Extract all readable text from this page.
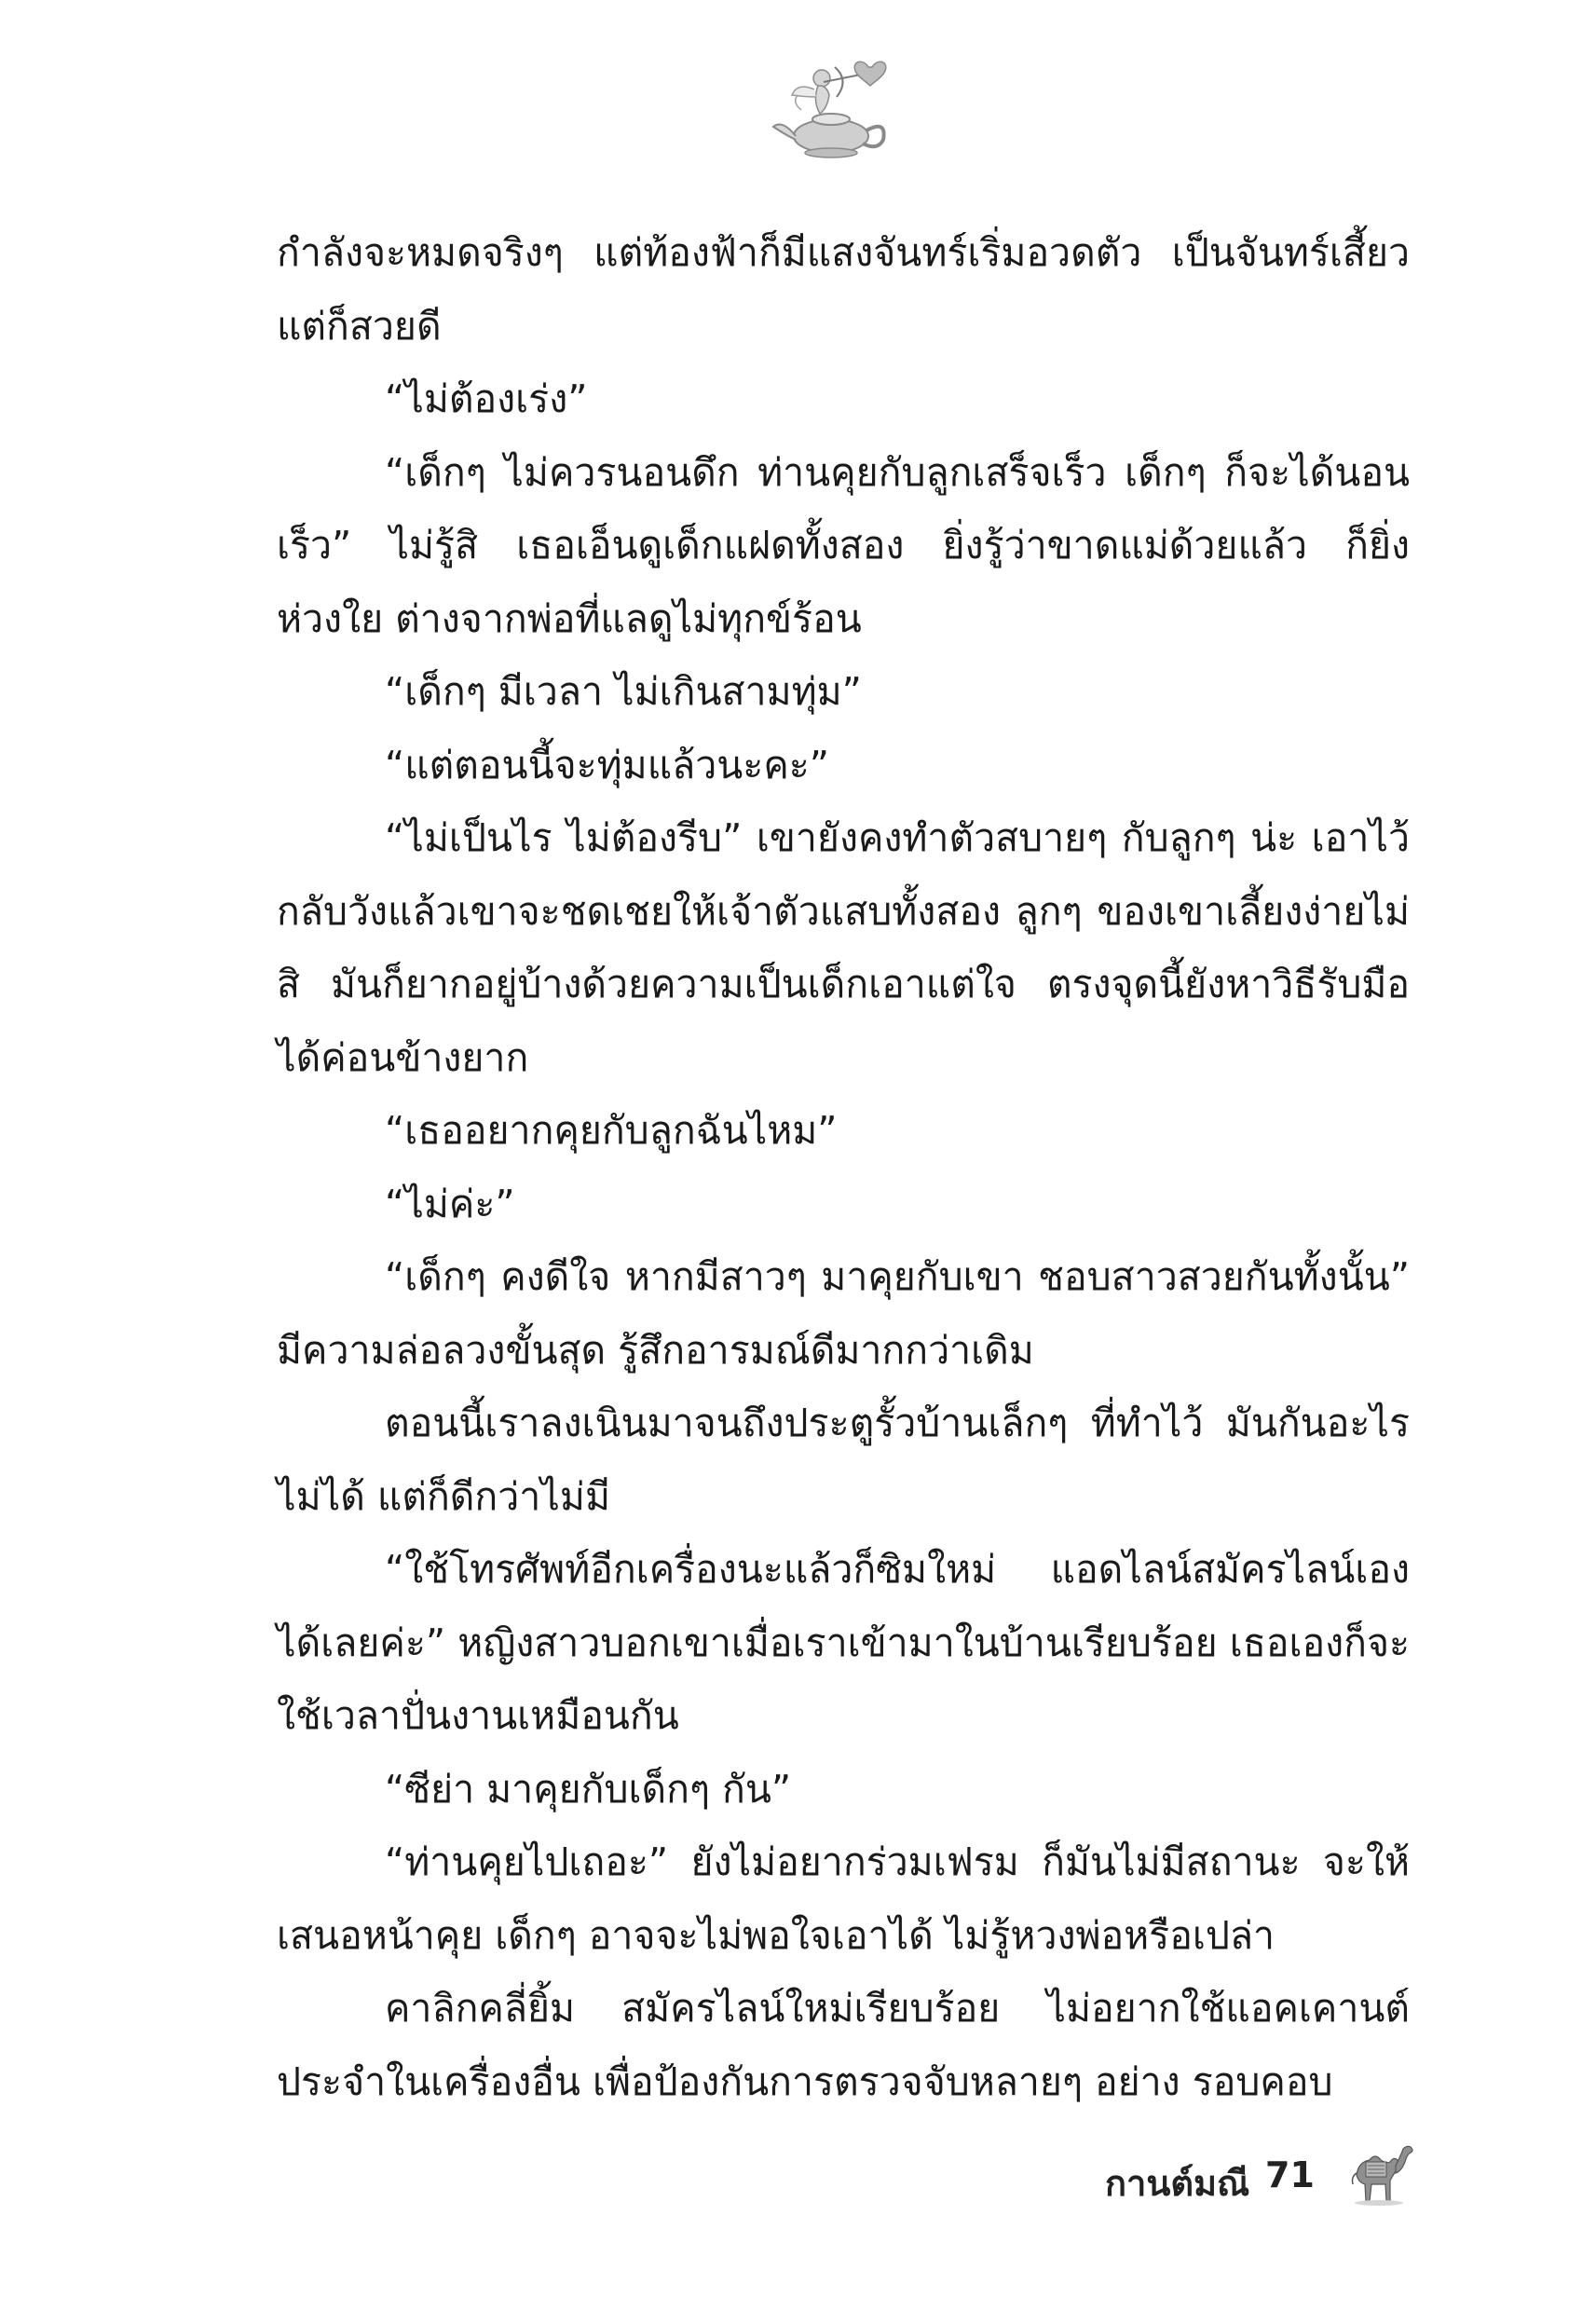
กำลังจะหมดจริงๆ แต่ท้องฟ้าก็มีแสงจันทร์เริ่มอวดตัว เป็นจันทร์เสี้ยว แต่ก็สวยดี

“ไม่ต้องเร่ง”

“เด็กๆ ไม่ควรนอนดึก ท่านคุยกับลูกเสร็จเร็ว เด็กๆ ก็จะได้นอนเร็ว” ไม่รู้สิ เธอเอ็นดูเด็กแฝดทั้งสอง ยิ่งรู้ว่าขาดแม่ด้วยแล้ว ก็ยิ่งห่วงใย ต่างจากพ่อที่แลดูไม่ทุกข์ร้อน

“เด็กๆ มีเวลา ไม่เกินสามทุ่ม”

“แต่ตอนนี้จะทุ่มแล้วนะคะ”

“ไม่เป็นไร ไม่ต้องรีบ” เขายังคงทำตัวสบายๆ กับลูกๆ น่ะ เอาไว้กลับวังแล้วเขาจะชดเชยให้เจ้าตัวแสบทั้งสอง ลูกๆ ของเขาเลี้ยงง่ายไม่สิ มันก็ยากอยู่บ้างด้วยความเป็นเด็กเอาแต่ใจ ตรงจุดนี้ยังหาวิธีรับมือได้ค่อนข้างยาก

“เธออยากคุยกับลูกฉันไหม”

“ไม่ค่ะ”

“เด็กๆ คงดีใจ หากมีสาวๆ มาคุยกับเขา ชอบสาวสวยกันทั้งนั้น” มีความล่อลวงขั้นสุด รู้สึกอารมณ์ดีมากกว่าเดิม

ตอนนี้เราลงเนินมาจนถึงประตูรั้วบ้านเล็กๆ ที่ทำไว้ มันกันอะไรไม่ได้ แต่ก็ดีกว่าไม่มี

“ใช้โทรศัพท์อีกเครื่องนะแล้วก็ซิมใหม่ แอดไลน์สมัครไลน์เองได้เลยค่ะ” หญิงสาวบอกเขาเมื่อเราเข้ามาในบ้านเรียบร้อย เธอเองก็จะใช้เวลาปั่นงานเหมือนกัน

“ซีย่า มาคุยกับเด็กๆ กัน”

“ท่านคุยไปเถอะ” ยังไม่อยากร่วมเฟรม ก็มันไม่มีสถานะ จะให้เสนอหน้าคุย เด็กๆ อาจจะไม่พอใจเอาได้ ไม่รู้หวงพ่อหรือเปล่า

คาลิกคลี่ยิ้ม สมัครไลน์ใหม่เรียบร้อย ไม่อยากใช้แอคเคานต์ประจำในเครื่องอื่น เพื่อป้องกันการตรวจจับหลายๆ อย่าง รอบคอบ

กานต์มณี 71
